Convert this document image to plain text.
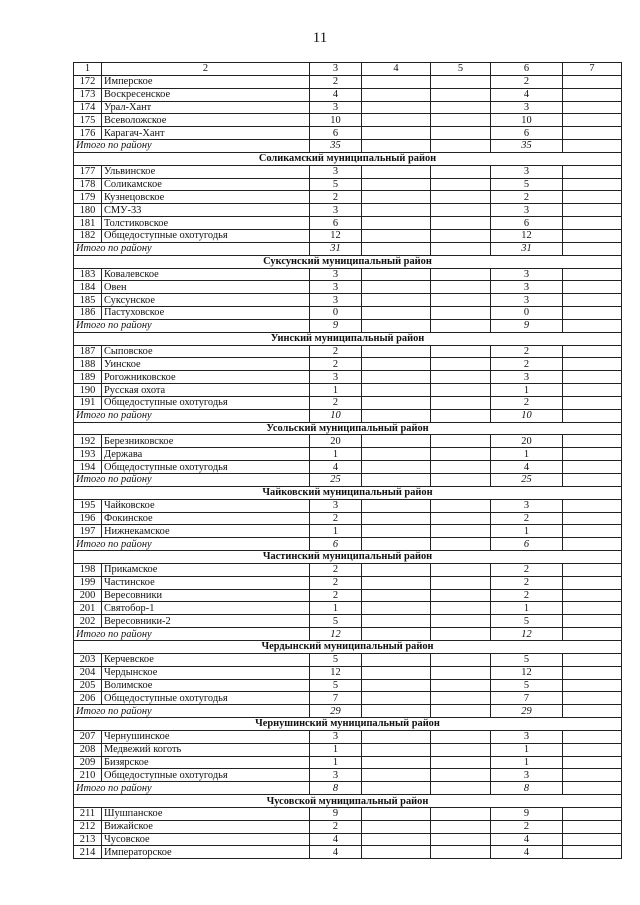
11
1	2	3	4	5	6	7
172	Имперское	2			2	
173	Воскресенское	4			4	
174	Урал-Хант	3			3	
175	Всеволожское	10			10	
176	Карагач-Хант	6			6	
Итого по району		35			35	
Соликамский муниципальный район						
177	Ульвинское	3			3	
178	Соликамское	5			5	
179	Кузнецовское	2			2	
180	СМУ-33	3			3	
181	Толстиковское	6			6	
182	Общедоступные охотугодья	12			12	
Итого по району		31			31	
Суксунский муниципальный район						
183	Ковалевское	3			3	
184	Овен	3			3	
185	Суксунское	3			3	
186	Пастуховское	0			0	
Итого по району		9			9	
Уинский муниципальный район						
187	Сыповское	2			2	
188	Уинское	2			2	
189	Рогожниковское	3			3	
190	Русская охота	1			1	
191	Общедоступные охотугодья	2			2	
Итого по району		10			10	
Усольский муниципальный район						
192	Березниковское	20			20	
193	Держава	1			1	
194	Общедоступные охотугодья	4			4	
Итого по району		25			25	
Чайковский муниципальный район						
195	Чайковское	3			3	
196	Фокинское	2			2	
197	Нижнекамское	1			1	
Итого по району		6			6	
Частинский муниципальный район						
198	Прикамское	2			2	
199	Частинское	2			2	
200	Вересовники	2			2	
201	Святобор-1	1			1	
202	Вересовники-2	5			5	
Итого по району		12			12	
Чердынский муниципальный район						
203	Керчевское	5			5	
204	Чердынское	12			12	
205	Волимское	5			5	
206	Общедоступные охотугодья	7			7	
Итого по району		29			29	
Чернушинский муниципальный район						
207	Чернушинское	3			3	
208	Медвежий коготь	1			1	
209	Бизярское	1			1	
210	Общедоступные охотугодья	3			3	
Итого по району		8			8	
Чусовской муниципальный район						
211	Шушпанское	9			9	
212	Вижайское	2			2	
213	Чусовское	4			4	
214	Императорское	4			4	
